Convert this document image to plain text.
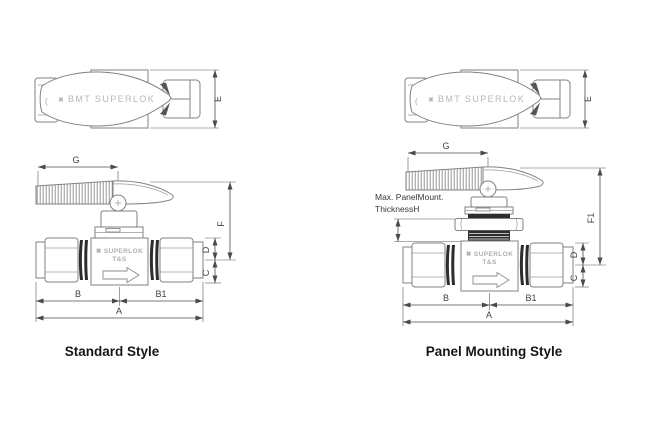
( ✖ BMT SUPERLOK	E
G
✖ SUPERLOK
T&S
F
D
C
B	B1
A
Standard Style
( ✖ BMT SUPERLOK	E
G
Max. PanelMount.
ThicknessH
✖ SUPERLOK
T&S
F1
D
C
B	B1
A
Panel Mounting Style
